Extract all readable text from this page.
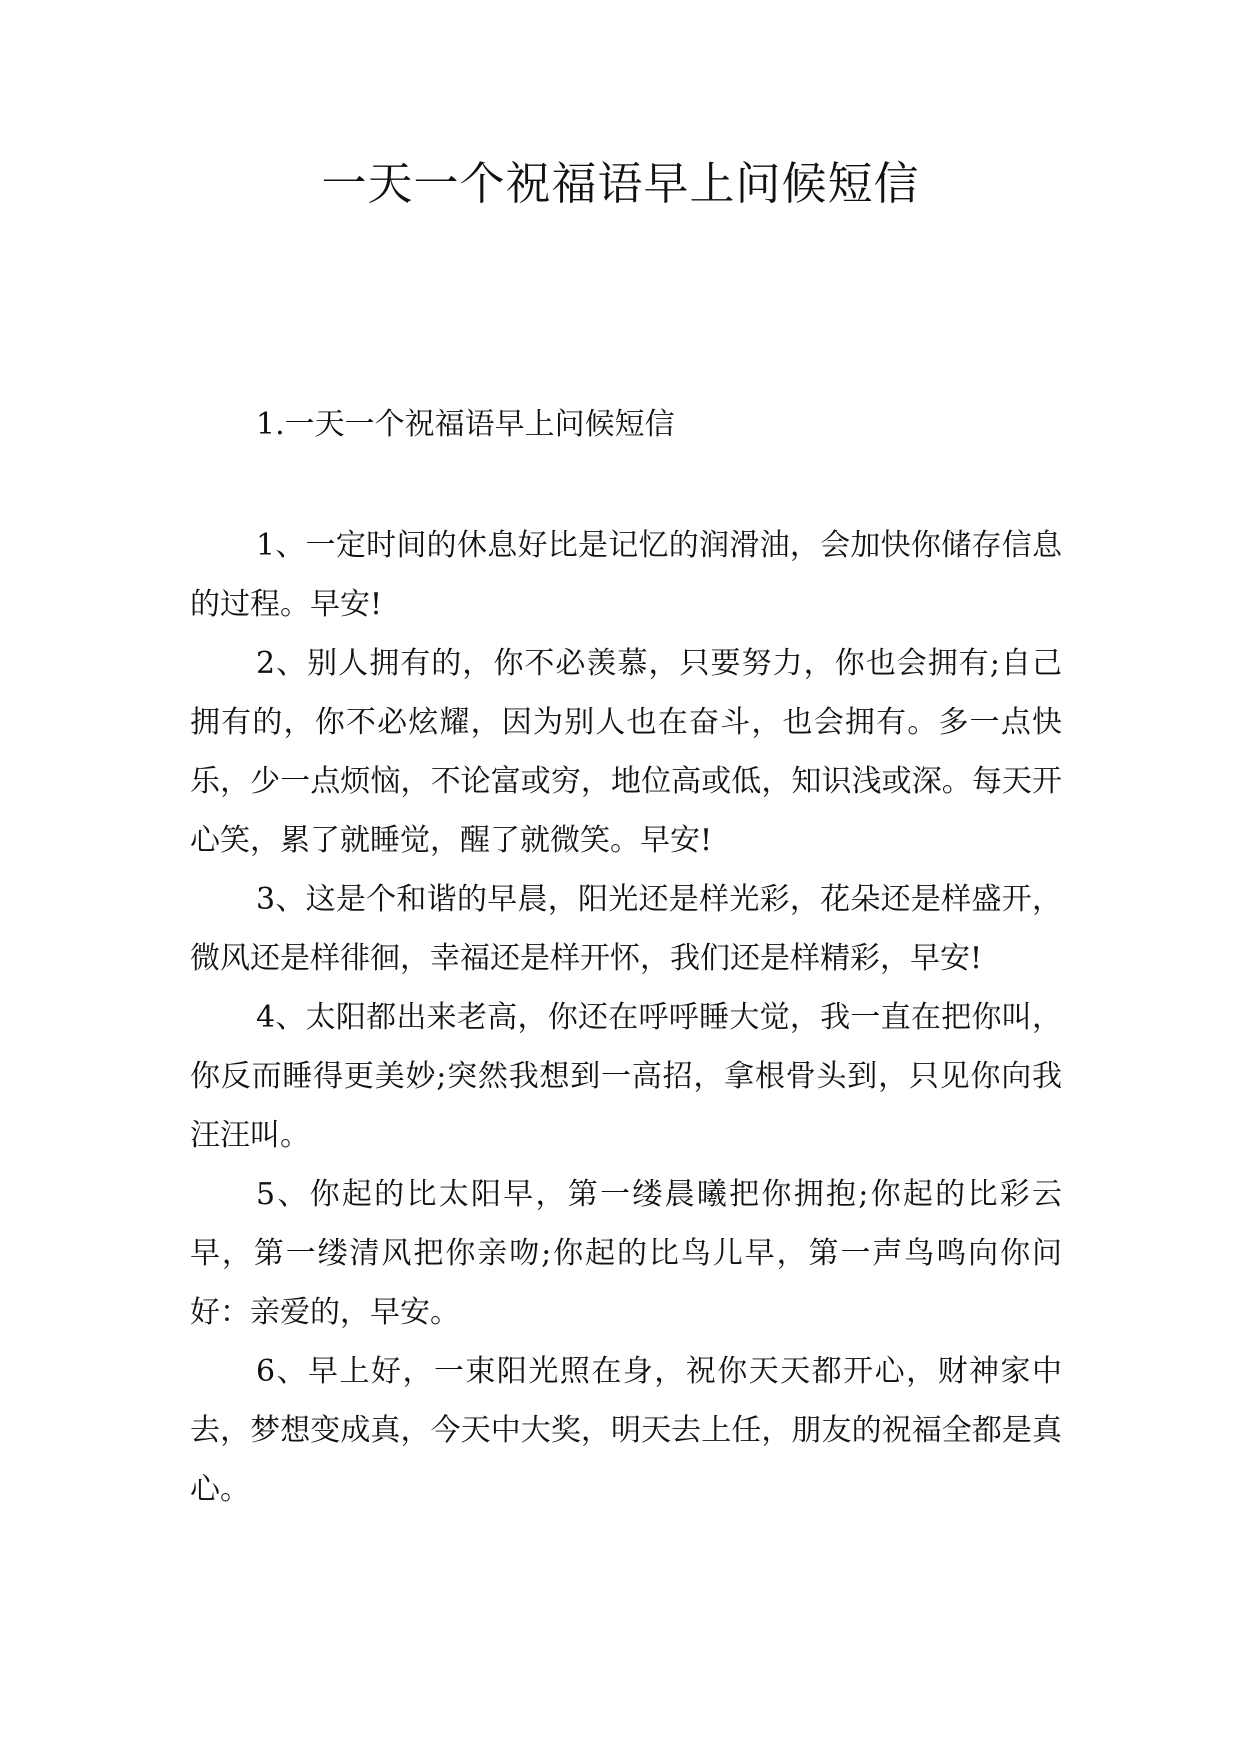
一天一个祝福语早上问候短信

1.一天一个祝福语早上问候短信

1、一定时间的休息好比是记忆的润滑油，会加快你储存信息的过程。早安!

2、别人拥有的，你不必羡慕，只要努力，你也会拥有;自己拥有的，你不必炫耀，因为别人也在奋斗，也会拥有。多一点快乐，少一点烦恼，不论富或穷，地位高或低，知识浅或深。每天开心笑，累了就睡觉，醒了就微笑。早安!

3、这是个和谐的早晨，阳光还是样光彩，花朵还是样盛开，微风还是样徘徊，幸福还是样开怀，我们还是样精彩，早安!

4、太阳都出来老高，你还在呼呼睡大觉，我一直在把你叫，你反而睡得更美妙;突然我想到一高招，拿根骨头到，只见你向我汪汪叫。

5、你起的比太阳早，第一缕晨曦把你拥抱;你起的比彩云早，第一缕清风把你亲吻;你起的比鸟儿早，第一声鸟鸣向你问好：亲爱的，早安。

6、早上好，一束阳光照在身，祝你天天都开心，财神家中去，梦想变成真，今天中大奖，明天去上任，朋友的祝福全都是真心。
